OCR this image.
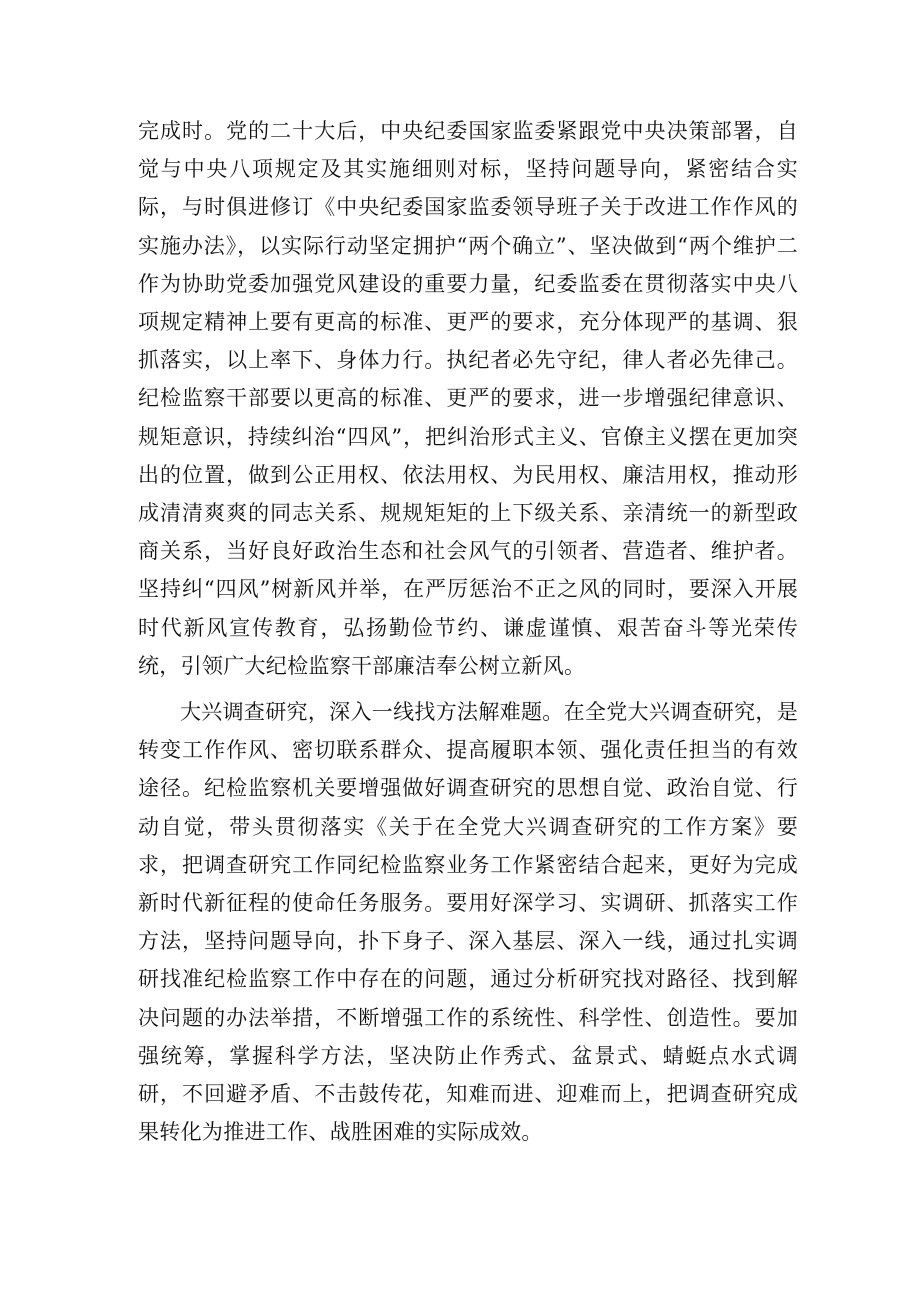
完成时。党的二十大后，中央纪委国家监委紧跟党中央决策部署，自觉与中央八项规定及其实施细则对标，坚持问题导向，紧密结合实际，与时俱进修订《中央纪委国家监委领导班子关于改进工作作风的实施办法》，以实际行动坚定拥护“两个确立”、坚决做到“两个维护二作为协助党委加强党风建设的重要力量，纪委监委在贯彻落实中央八项规定精神上要有更高的标准、更严的要求，充分体现严的基调、狠抓落实，以上率下、身体力行。执纪者必先守纪，律人者必先律己。纪检监察干部要以更高的标准、更严的要求，进一步增强纪律意识、规矩意识，持续纠治“四风”，把纠治形式主义、官僚主义摆在更加突出的位置，做到公正用权、依法用权、为民用权、廉洁用权，推动形成清清爽爽的同志关系、规规矩矩的上下级关系、亲清统一的新型政商关系，当好良好政治生态和社会风气的引领者、营造者、维护者。坚持纠“四风”树新风并举，在严厉惩治不正之风的同时，要深入开展时代新风宣传教育，弘扬勤俭节约、谦虚谨慎、艰苦奋斗等光荣传统，引领广大纪检监察干部廉洁奉公树立新风。

大兴调查研究，深入一线找方法解难题。在全党大兴调查研究，是转变工作作风、密切联系群众、提高履职本领、强化责任担当的有效途径。纪检监察机关要增强做好调查研究的思想自觉、政治自觉、行动自觉，带头贯彻落实《关于在全党大兴调查研究的工作方案》要求，把调查研究工作同纪检监察业务工作紧密结合起来，更好为完成新时代新征程的使命任务服务。要用好深学习、实调研、抓落实工作方法，坚持问题导向，扑下身子、深入基层、深入一线，通过扎实调研找准纪检监察工作中存在的问题，通过分析研究找对路径、找到解决问题的办法举措，不断增强工作的系统性、科学性、创造性。要加强统筹，掌握科学方法，坚决防止作秀式、盆景式、蜻蜓点水式调研，不回避矛盾、不击鼓传花，知难而进、迎难而上，把调查研究成果转化为推进工作、战胜困难的实际成效。
